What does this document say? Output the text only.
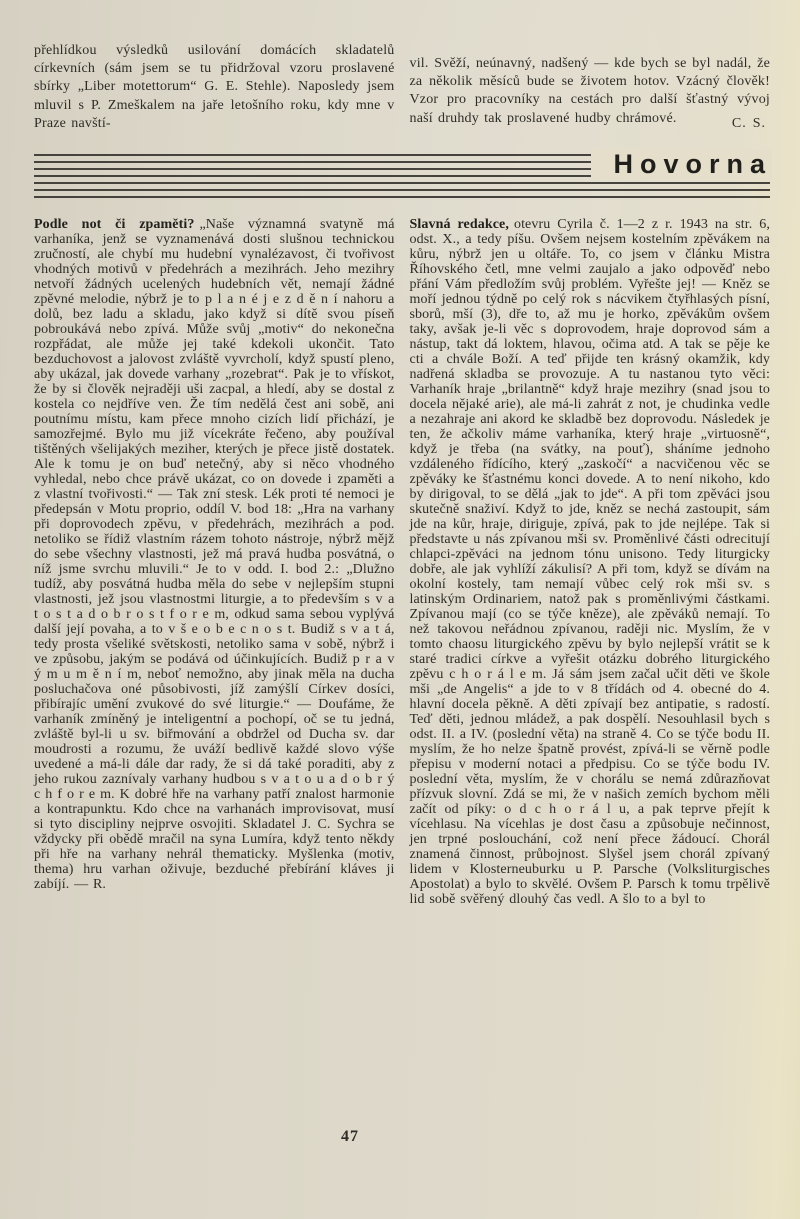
přehlídkou výsledků usilování domácích skladatelů církevních (sám jsem se tu přidržoval vzoru proslavené sbírky „Liber motettorum“ G. E. Stehle). Naposledy jsem mluvil s P. Zmeškalem na jaře letošního roku, kdy mne v Praze navští-

vil. Svěží, neúnavný, nadšený — kde bych se byl nadál, že za několik měsíců bude se životem hotov. Vzácný člověk! Vzor pro pracovníky na cestách pro další šťastný vývoj naší druhdy tak proslavené hudby chrámové.	C. S.
Hovorna

Podle not či zpaměti? „Naše významná svatyně má varhaníka, jenž se vyznamenává dosti slušnou technickou zručností, ale chybí mu hudební vynalézavost, či tvořivost vhodných motivů v předehrách a mezihrách. Jeho mezihry netvoří žádných ucelených hudebních vět, nemají žádné zpěvné melodie, nýbrž je to p l a n é j e z d ě n í nahoru a dolů, bez ladu a skladu, jako když si dítě svou píseň pobroukává nebo zpívá. Může svůj „motiv“ do nekonečna rozpřádat, ale může jej také kdekoli ukončit. Tato bezduchovost a jalovost zvláště vyvrcholí, když spustí pleno, aby ukázal, jak dovede varhany „rozebrat“. Pak je to vřískot, že by si člověk nejraději uši zacpal, a hledí, aby se dostal z kostela co nejdříve ven. Že tím nedělá čest ani sobě, ani poutnímu místu, kam přece mnoho cizích lidí přichází, je samozřejmé. Bylo mu již vícekráte řečeno, aby používal tištěných všelijakých meziher, kterých je přece jistě dostatek. Ale k tomu je on buď netečný, aby si něco vhodného vyhledal, nebo chce právě ukázat, co on dovede i zpaměti a z vlastní tvořivosti.“ — Tak zní stesk. Lék proti té nemoci je předepsán v Motu proprio, oddíl V. bod 18: „Hra na varhany při doprovodech zpěvu, v předehrách, mezihrách a pod. netoliko se řídiž vlastním rázem tohoto nástroje, nýbrž mějž do sebe všechny vlastnosti, jež má pravá hudba posvátná, o níž jsme svrchu mluvili.“ Je to v odd. I. bod 2.: „Dlužno tudíž, aby posvátná hudba měla do sebe v nejlepším stupni vlastnosti, jež jsou vlastnostmi liturgie, a to především s v a t o s t a d o b r o s t f o r e m, odkud sama sebou vyplývá další její povaha, a to v š e o b e c n o s t. Budiž s v a t á, tedy prosta všeliké světskosti, netoliko sama v sobě, nýbrž i ve způsobu, jakým se podává od účinkujících. Budiž p r a v ý m u m ě n í m, neboť nemožno, aby jinak měla na ducha posluchačova oné působivosti, jíž zamýšlí Církev dosíci, přibírajíc umění zvukové do své liturgie.“ — Doufáme, že varhaník zmíněný je inteligentní a pochopí, oč se tu jedná, zvláště byl-li u sv. biřmování a obdržel od Ducha sv. dar moudrosti a rozumu, že uváží bedlivě každé slovo výše uvedené a má-li dále dar rady, že si dá také poraditi, aby z jeho rukou zaznívaly varhany hudbou s v a t o u a d o b r ý c h f o r e m. K dobré hře na varhany patří znalost harmonie a kontrapunktu. Kdo chce na varhanách improvisovat, musí si tyto discipliny nejprve osvojiti. Skladatel J. C. Sychra se vždycky při obědě mračil na syna Lumíra, když tento někdy při hře na varhany nehrál thematicky. Myšlenka (motiv, thema) hru varhan oživuje, bezduché přebírání kláves ji zabíjí. — R.

Slavná redakce, otevru Cyrila č. 1—2 z r. 1943 na str. 6, odst. X., a tedy píšu. Ovšem nejsem kostelním zpěvákem na kůru, nýbrž jen u oltáře. To, co jsem v článku Mistra Říhovského četl, mne velmi zaujalo a jako odpověď nebo přání Vám předložím svůj problém. Vyřešte jej! — Kněz se moří jednou týdně po celý rok s nácvikem čtyřhlasých písní, sborů, mší (3), dře to, až mu je horko, zpěvákům ovšem taky, avšak je-li věc s doprovodem, hraje doprovod sám a nástup, takt dá loktem, hlavou, očima atd. A tak se pěje ke cti a chvále Boží. A teď přijde ten krásný okamžik, kdy nadřená skladba se provozuje. A tu nastanou tyto věci: Varhaník hraje „brilantně“ když hraje mezihry (snad jsou to docela nějaké arie), ale má-li zahrát z not, je chudinka vedle a nezahraje ani akord ke skladbě bez doprovodu. Následek je ten, že ačkoliv máme varhaníka, který hraje „virtuosně“, když je třeba (na svátky, na pouť), sháníme jednoho vzdáleného řídícího, který „zaskočí“ a nacvičenou věc se zpěváky ke šťastnému konci dovede. A to není nikoho, kdo by dirigoval, to se dělá „jak to jde“. A při tom zpěváci jsou skutečně snaživí. Když to jde, kněz se nechá zastoupit, sám jde na kůr, hraje, diriguje, zpívá, pak to jde nejlépe. Tak si představte u nás zpívanou mši sv. Proměnlivé části odrecitují chlapci-zpěváci na jednom tónu unisono. Tedy liturgicky dobře, ale jak vyhlíží zákulisí? A při tom, když se dívám na okolní kostely, tam nemají vůbec celý rok mši sv. s latinským Ordinariem, natož pak s proměnlivými částkami. Zpívanou mají (co se týče kněze), ale zpěváků nemají. To než takovou neřádnou zpívanou, raději nic. Myslím, že v tomto chaosu liturgického zpěvu by bylo nejlepší vrátit se k staré tradici církve a vyřešit otázku dobrého liturgického zpěvu c h o r á l e m. Já sám jsem začal učit děti ve škole mši „de Angelis“ a jde to v 8 třídách od 4. obecné do 4. hlavní docela pěkně. A děti zpívají bez antipatie, s radostí. Teď děti, jednou mládež, a pak dospělí. Nesouhlasil bych s odst. II. a IV. (poslední věta) na straně 4. Co se týče bodu II. myslím, že ho nelze špatně provést, zpívá-li se věrně podle přepisu v moderní notaci a předpisu. Co se týče bodu IV. poslední věta, myslím, že v chorálu se nemá zdůrazňovat přízvuk slovní. Zdá se mi, že v našich zemích bychom měli začít od píky: o d c h o r á l u, a pak teprve přejít k vícehlasu. Na vícehlas je dost času a způsobuje nečinnost, jen trpné poslouchání, což není přece žádoucí. Chorál znamená činnost, průbojnost. Slyšel jsem chorál zpívaný lidem v Klosterneuburku u P. Parsche (Volksliturgisches Apostolat) a bylo to skvělé. Ovšem P. Parsch k tomu trpělivě lid sobě svěřený dlouhý čas vedl. A šlo to a byl to

47
